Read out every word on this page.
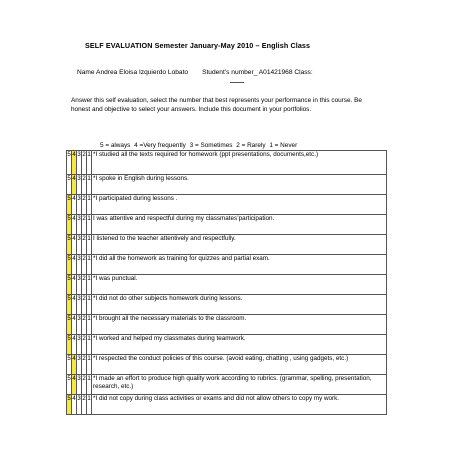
SELF EVALUATION Semester January-May 2010 – English Class
Name Andrea Eloisa Izquierdo Lobato Student’s number_ A01421968 Class:
Answer this self evaluation, select the number that best represents your performance in this course. Be honest and objective to select your answers. Include this document in your portfolios.
5 = always 4 =Very frequently 3 = Sometimes 2 = Rarely 1 = Never
5	4	3	2	1	*I studied all the texts required for homework (ppt presentations, documents,etc.)
5	4	3	2	1	*I spoke in English during lessons.
5	4	3	2	1	*I participated during lessons .
5	4	3	2	1	I was attentive and respectful during my classmates’participation.
5	4	3	2	1	I listened to the teacher attentively and respectfully.
5	4	3	2	1	*I did all the homework as training for quizzes and partial exam.
5	4	3	2	1	*I was punctual.
5	4	3	2	1	*I did not do other subjects homework during lessons.
5	4	3	2	1	*I brought all the necessary materials to the classroom.
5	4	3	2	1	*I worked and helped my classmates during teamwork.
5	4	3	2	1	*I respected the conduct policies of this course. (avoid eating, chatting , using gadgets, etc.)
5	4	3	2	1	*I made an effort to produce high quality work according to rubrics. (grammar, spelling, presentation, research, etc.)
5	4	3	2	1	*I did not copy during class activities or exams and did not allow others to copy my work.
